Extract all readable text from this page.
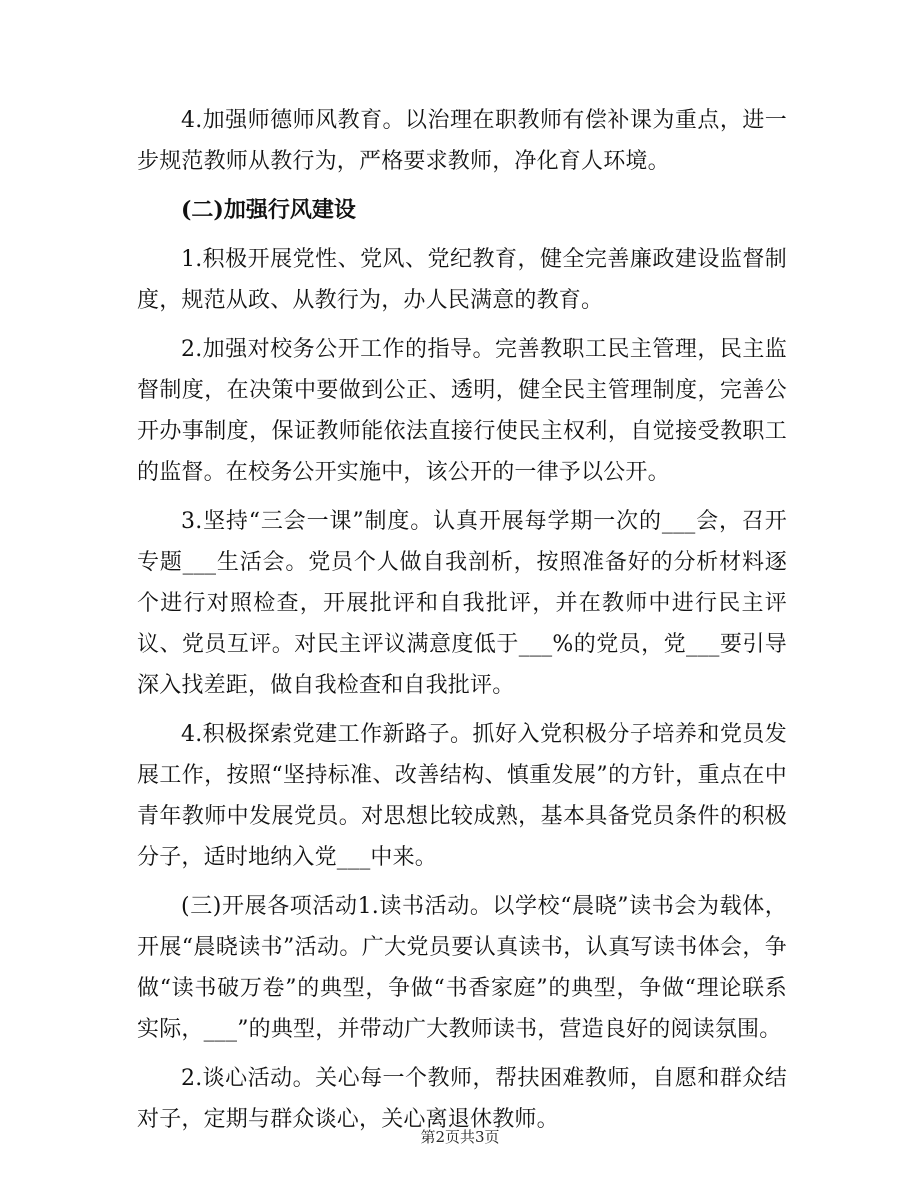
4.加强师德师风教育。以治理在职教师有偿补课为重点，进一步规范教师从教行为，严格要求教师，净化育人环境。

(二)加强行风建设

1.积极开展党性、党风、党纪教育，健全完善廉政建设监督制度，规范从政、从教行为，办人民满意的教育。

2.加强对校务公开工作的指导。完善教职工民主管理，民主监督制度，在决策中要做到公正、透明，健全民主管理制度，完善公开办事制度，保证教师能依法直接行使民主权利，自觉接受教职工的监督。在校务公开实施中，该公开的一律予以公开。

3.坚持“三会一课”制度。认真开展每学期一次的___会，召开专题___生活会。党员个人做自我剖析，按照准备好的分析材料逐个进行对照检查，开展批评和自我批评，并在教师中进行民主评议、党员互评。对民主评议满意度低于___%的党员，党___要引导深入找差距，做自我检查和自我批评。

4.积极探索党建工作新路子。抓好入党积极分子培养和党员发展工作，按照“坚持标准、改善结构、慎重发展”的方针，重点在中青年教师中发展党员。对思想比较成熟，基本具备党员条件的积极分子，适时地纳入党___中来。

(三)开展各项活动1.读书活动。以学校“晨晓”读书会为载体，开展“晨晓读书”活动。广大党员要认真读书，认真写读书体会，争做“读书破万卷”的典型，争做“书香家庭”的典型，争做“理论联系实际，___”的典型，并带动广大教师读书，营造良好的阅读氛围。

2.谈心活动。关心每一个教师，帮扶困难教师，自愿和群众结对子，定期与群众谈心，关心离退休教师。

第2页共3页
